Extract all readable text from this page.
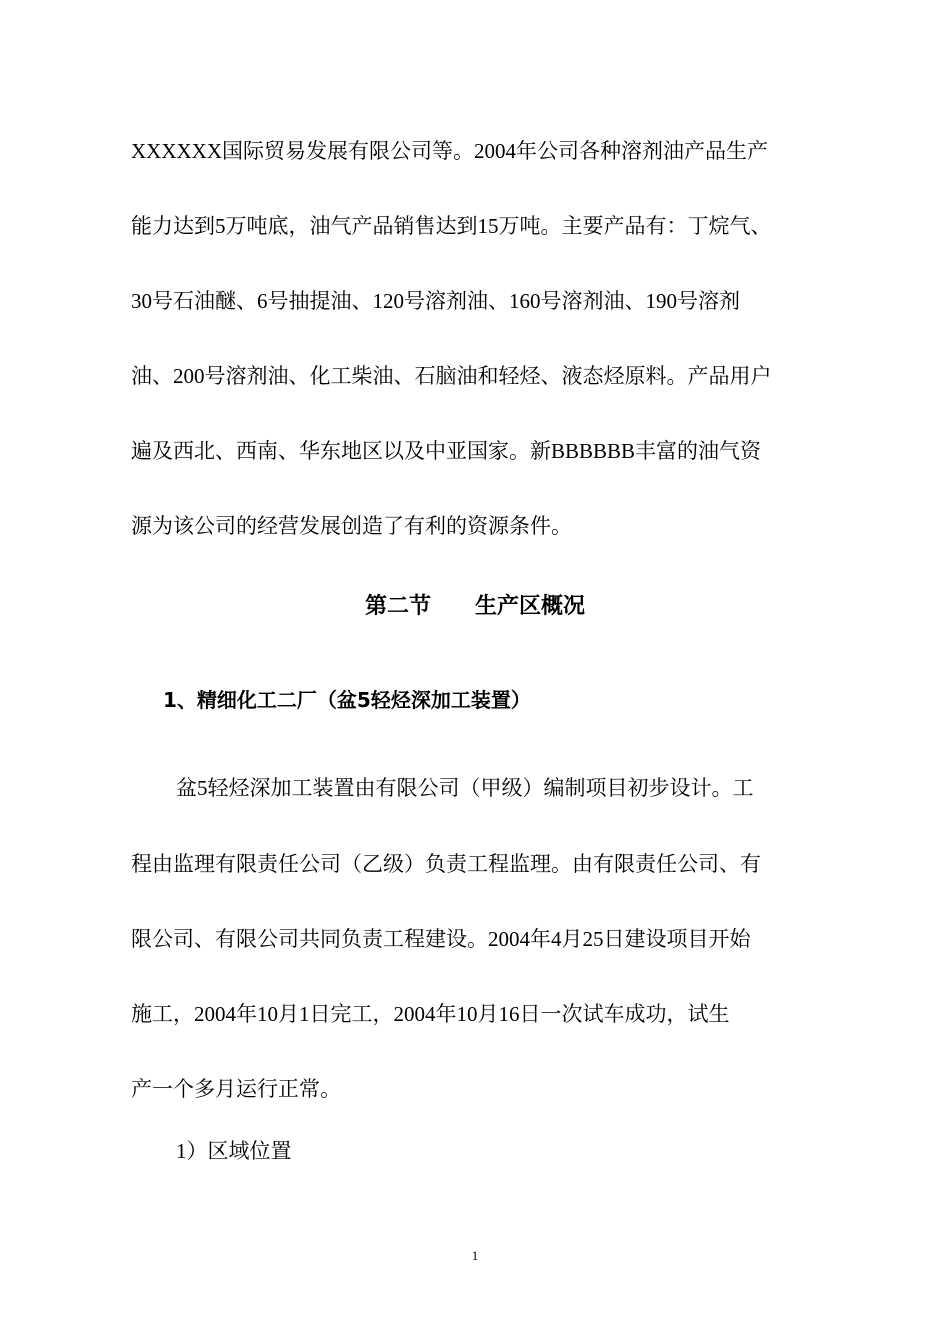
XXXXXX国际贸易发展有限公司等。2004年公司各种溶剂油产品生产
能力达到5万吨底，油气产品销售达到15万吨。主要产品有：丁烷气、
30号石油醚、6号抽提油、120号溶剂油、160号溶剂油、190号溶剂
油、200号溶剂油、化工柴油、石脑油和轻烃、液态烃原料。产品用户
遍及西北、西南、华东地区以及中亚国家。新BBBBBB丰富的油气资
源为该公司的经营发展创造了有利的资源条件。
第二节 生产区概况
1、精细化工二厂（盆5轻烃深加工装置）
盆5轻烃深加工装置由有限公司（甲级）编制项目初步设计。工
程由监理有限责任公司（乙级）负责工程监理。由有限责任公司、有
限公司、有限公司共同负责工程建设。2004年4月25日建设项目开始
施工，2004年10月1日完工，2004年10月16日一次试车成功，试生
产一个多月运行正常。
1）区域位置
1
